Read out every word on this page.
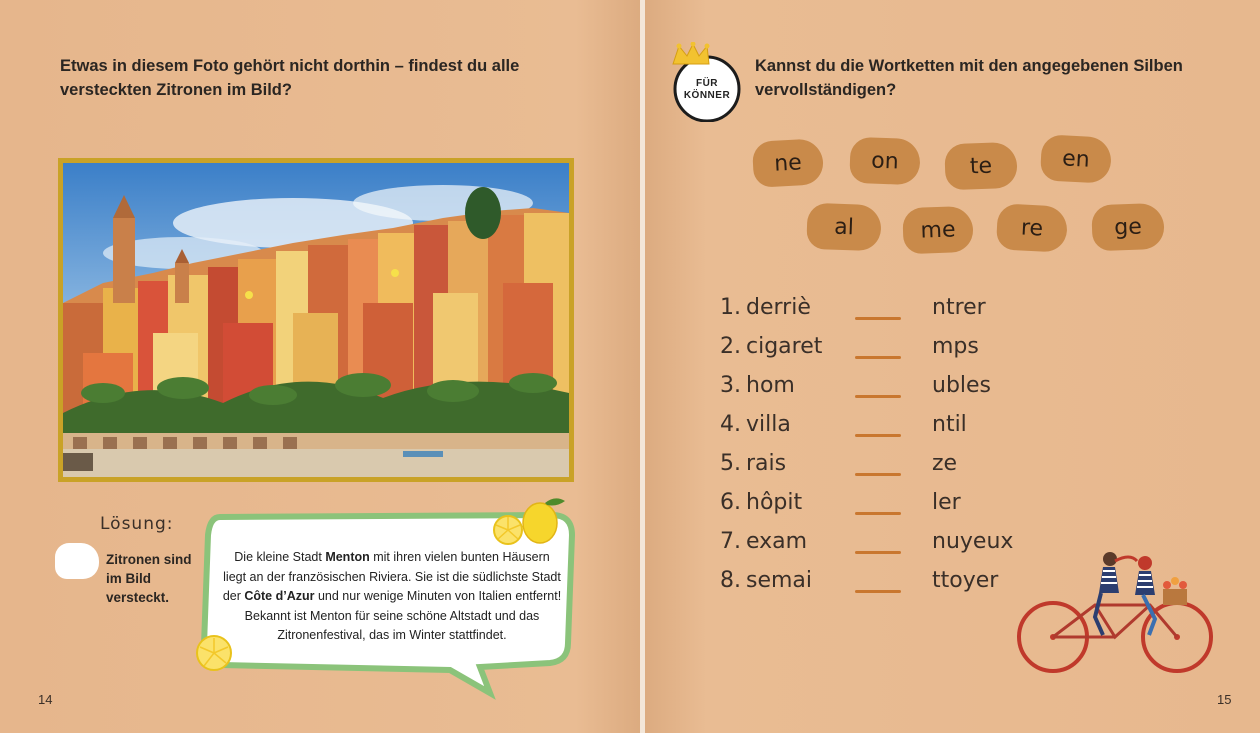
Etwas in diesem Foto gehört nicht dorthin – findest du alle versteckten Zitronen im Bild?
Lösung:
Zitronen sind im Bild versteckt.
Die kleine Stadt Menton mit ihren vielen bunten Häusern liegt an der französischen Riviera. Sie ist die südlichste Stadt der Côte d’Azur und nur wenige Minuten von Italien entfernt! Bekannt ist Menton für seine schöne Altstadt und das Zitronenfestival, das im Winter stattfindet.
14
FÜR
KÖNNER
Kannst du die Wortketten mit den angegebenen Silben vervollständigen?
ne	on	te	en
al	me	re	ge
1. derriè	ntrer
2. cigaret	mps
3. hom	ubles
4. villa	ntil
5. rais	ze
6. hôpit	ler
7. exam	nuyeux
8. semai	ttoyer
15
